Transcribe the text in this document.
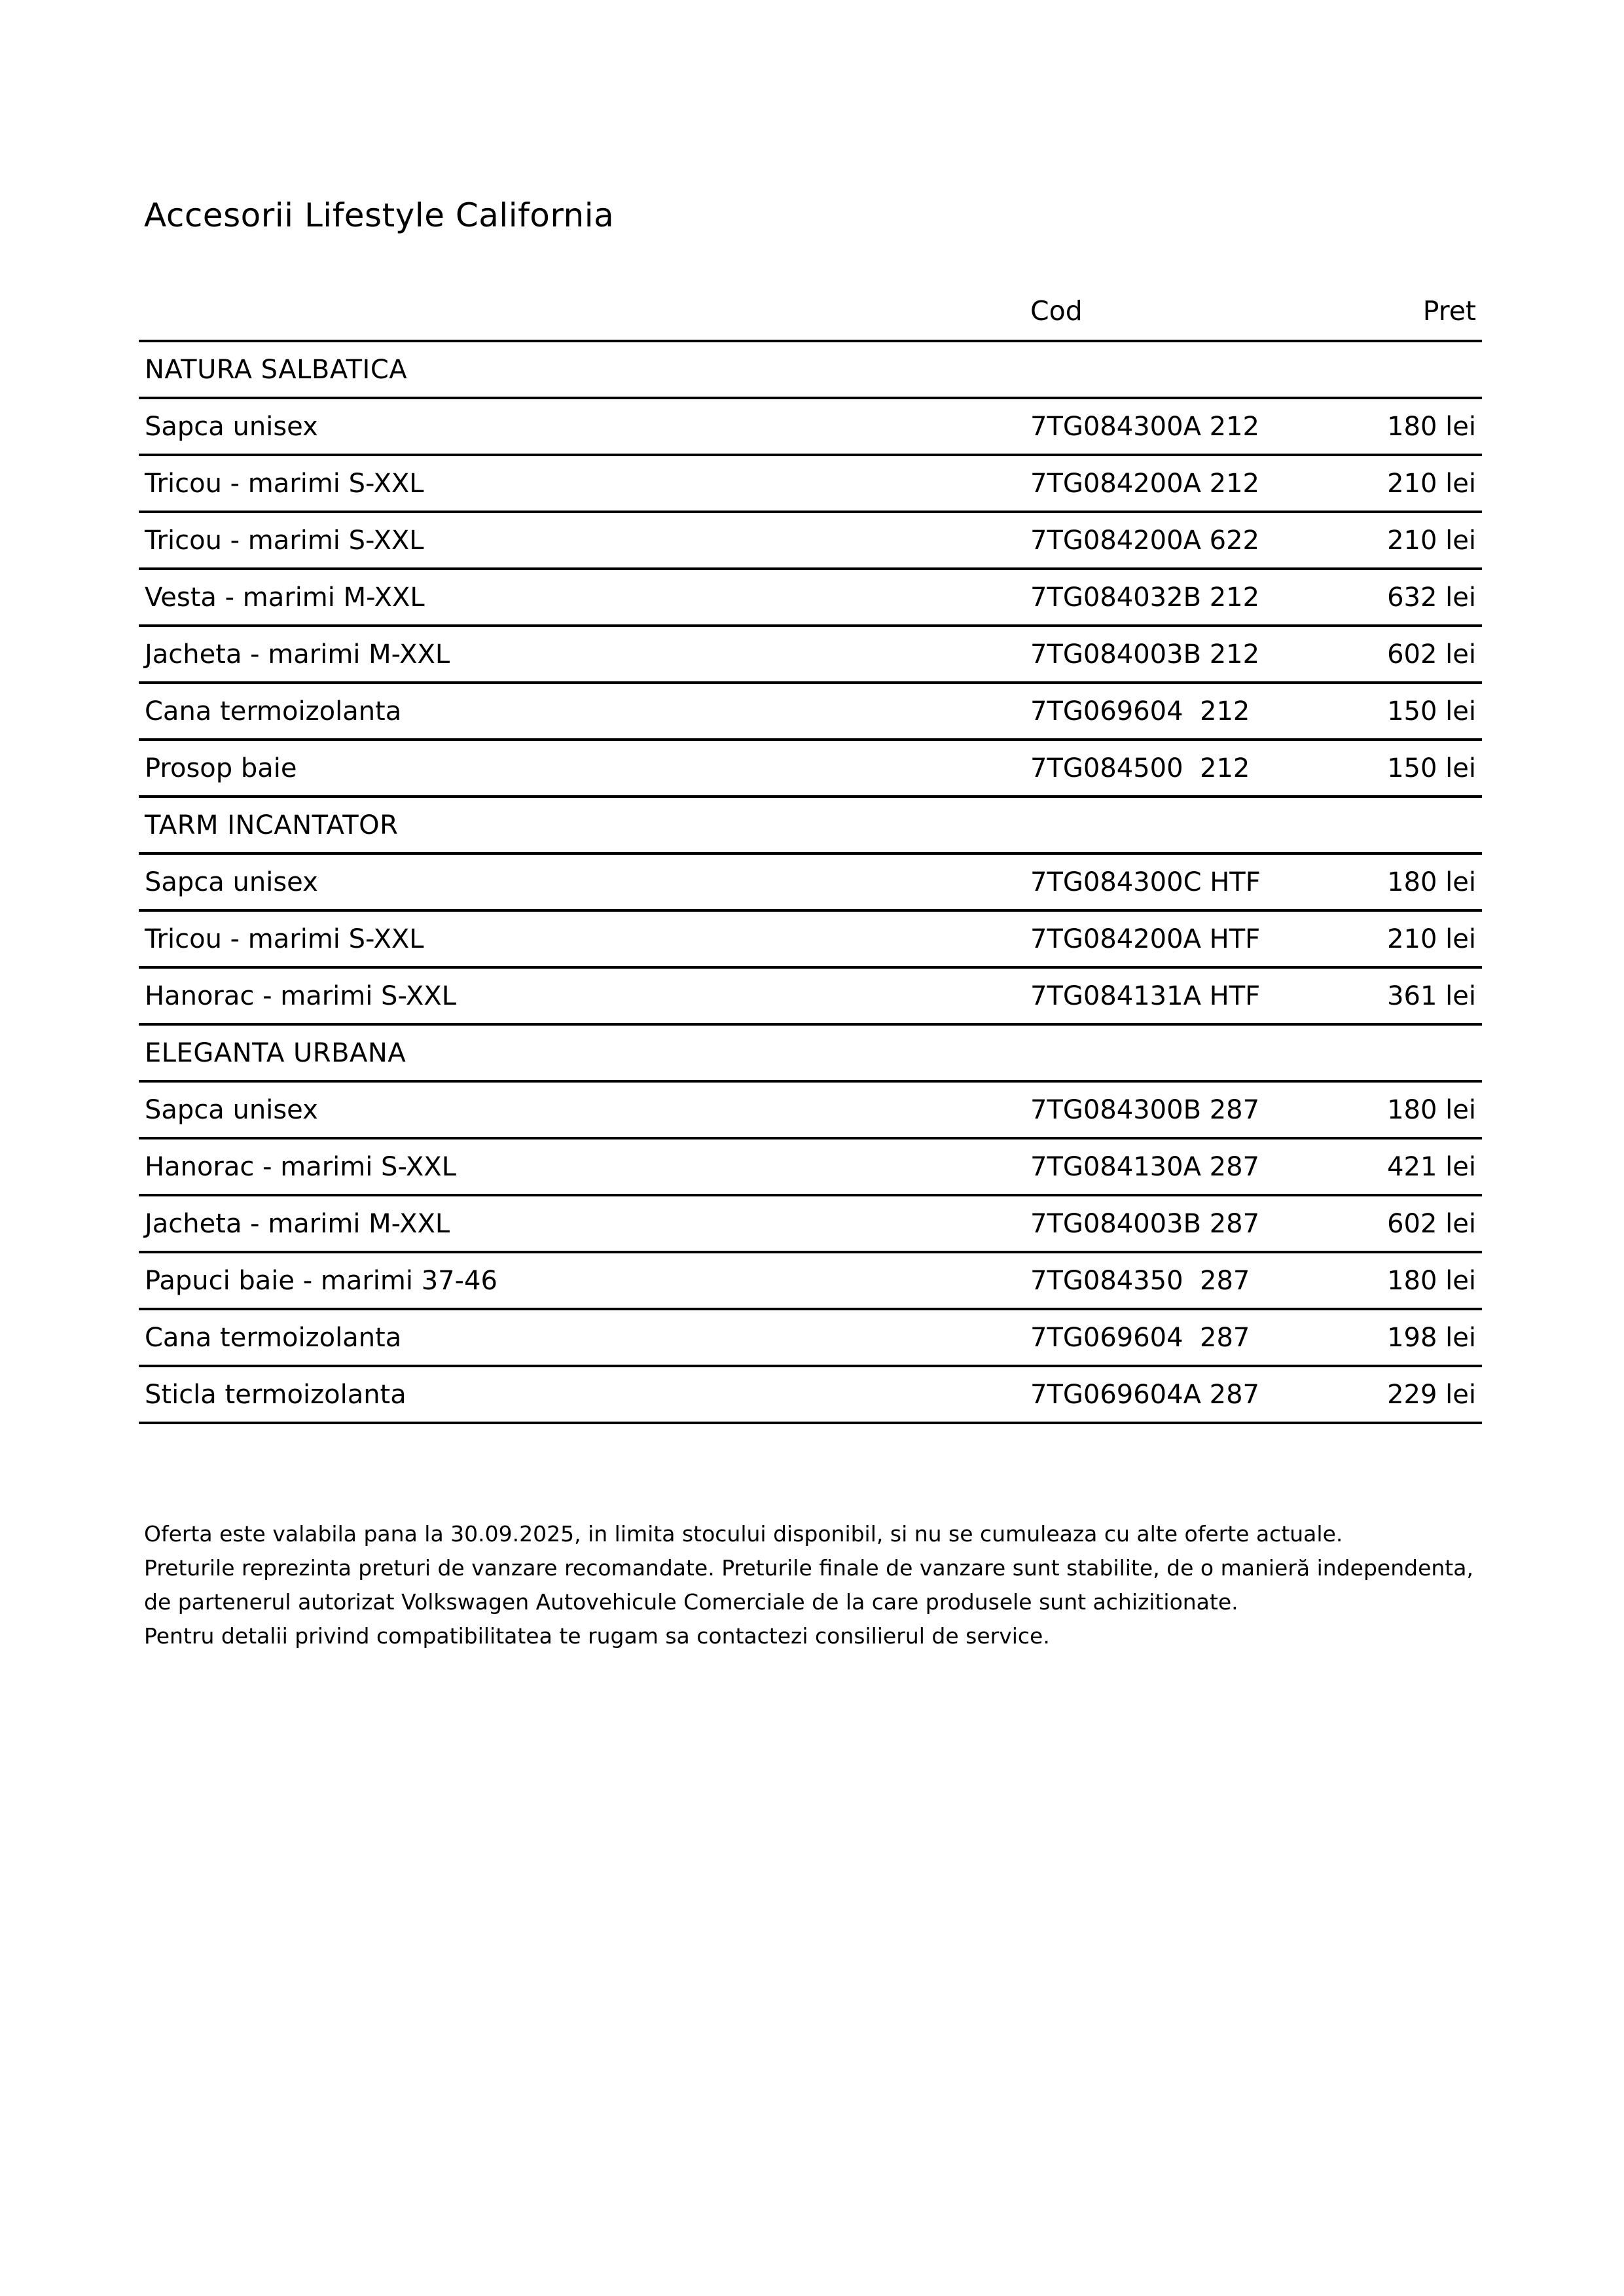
Accesorii Lifestyle California
Cod	Pret
NATURA SALBATICA
Sapca unisex	7TG084300A 212	180 lei
Tricou - marimi S-XXL	7TG084200A 212	210 lei
Tricou - marimi S-XXL	7TG084200A 622	210 lei
Vesta - marimi M-XXL	7TG084032B 212	632 lei
Jacheta - marimi M-XXL	7TG084003B 212	602 lei
Cana termoizolanta	7TG069604  212	150 lei
Prosop baie	7TG084500  212	150 lei
TARM INCANTATOR
Sapca unisex	7TG084300C HTF	180 lei
Tricou - marimi S-XXL	7TG084200A HTF	210 lei
Hanorac - marimi S-XXL	7TG084131A HTF	361 lei
ELEGANTA URBANA
Sapca unisex	7TG084300B 287	180 lei
Hanorac - marimi S-XXL	7TG084130A 287	421 lei
Jacheta - marimi M-XXL	7TG084003B 287	602 lei
Papuci baie - marimi 37-46	7TG084350  287	180 lei
Cana termoizolanta	7TG069604  287	198 lei
Sticla termoizolanta	7TG069604A 287	229 lei
Oferta este valabila pana la 30.09.2025, in limita stocului disponibil, si nu se cumuleaza cu alte oferte actuale.
Preturile reprezinta preturi de vanzare recomandate. Preturile finale de vanzare sunt stabilite, de o manieră independenta,
de partenerul autorizat Volkswagen Autovehicule Comerciale de la care produsele sunt achizitionate.
Pentru detalii privind compatibilitatea te rugam sa contactezi consilierul de service.
